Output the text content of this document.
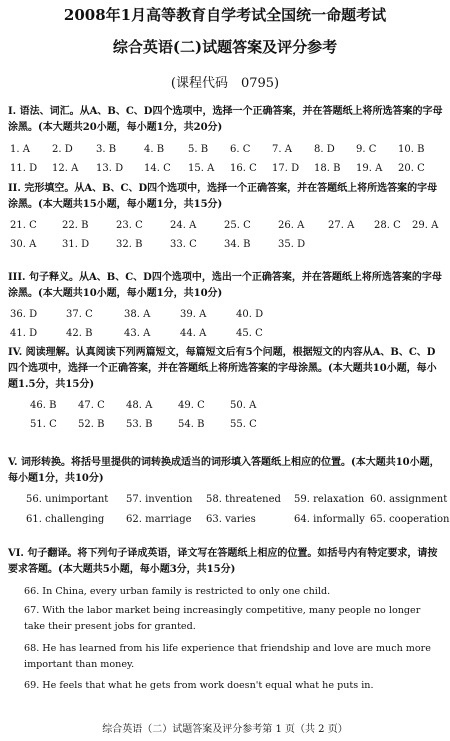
2008年1月高等教育自学考试全国统一命题考试
综合英语(二)试题答案及评分参考
(课程代码　0795)
I. 语法、词汇。从A、B、C、D四个选项中，选择一个正确答案，并在答题纸上将所选答案的字母涂黑。(本大题共20小题，每小题1分，共20分)
1. A 2. D 3. B	4. B 5. B 6. C 7. A 8. D 9. C 10. B
11. D 12. A 13. D 14. C 15. A 16. C 17. D 18. B 19. A 20. C
II. 完形填空。从A、B、C、D四个选项中，选择一个正确答案，并在答题纸上将所选答案的字母涂黑。(本大题共15小题，每小题1分，共15分)
21. C	22. B	23. C	24. A	25. C	26. A 27. A 28. C 29. A
30. A	31. D	32. B	33. C	34. B	35. D
III. 句子释义。从A、B、C、D四个选项中，选出一个正确答案，并在答题纸上将所选答案的字母涂黑。(本大题共10小题，每小题1分，共10分)
36. D	37. C	38. A	39. A	40. D
41. D	42. B	43. A	44. A	45. C
IV. 阅读理解。认真阅读下列两篇短文，每篇短文后有5个问题，根据短文的内容从A、B、C、D四个选项中，选择一个正确答案，并在答题纸上将所选答案的字母涂黑。(本大题共10小题，每小题1.5分，共15分)
46. B 47. C 48. A	49. C	50. A
51. C 52. B 53. B	54. B	55. C
V. 词形转换。将括号里提供的词转换成适当的词形填入答题纸上相应的位置。(本大题共10小题，每小题1分，共10分)
56. unimportant 57. invention 58. threatened 59. relaxation 60. assignment
61. challenging 62. marriage 63. varies	64. informally 65. cooperation
VI. 句子翻译。将下列句子译成英语，译文写在答题纸上相应的位置。如括号内有特定要求，请按要求答题。(本大题共5小题，每小题3分，共15分)
66. In China, every urban family is restricted to only one child.
67. With the labor market being increasingly competitive, many people no longer take their present jobs for granted.
68. He has learned from his life experience that friendship and love are much more important than money.
69. He feels that what he gets from work doesn't equal what he puts in.
综合英语（二）试题答案及评分参考第 1 页（共 2 页）
